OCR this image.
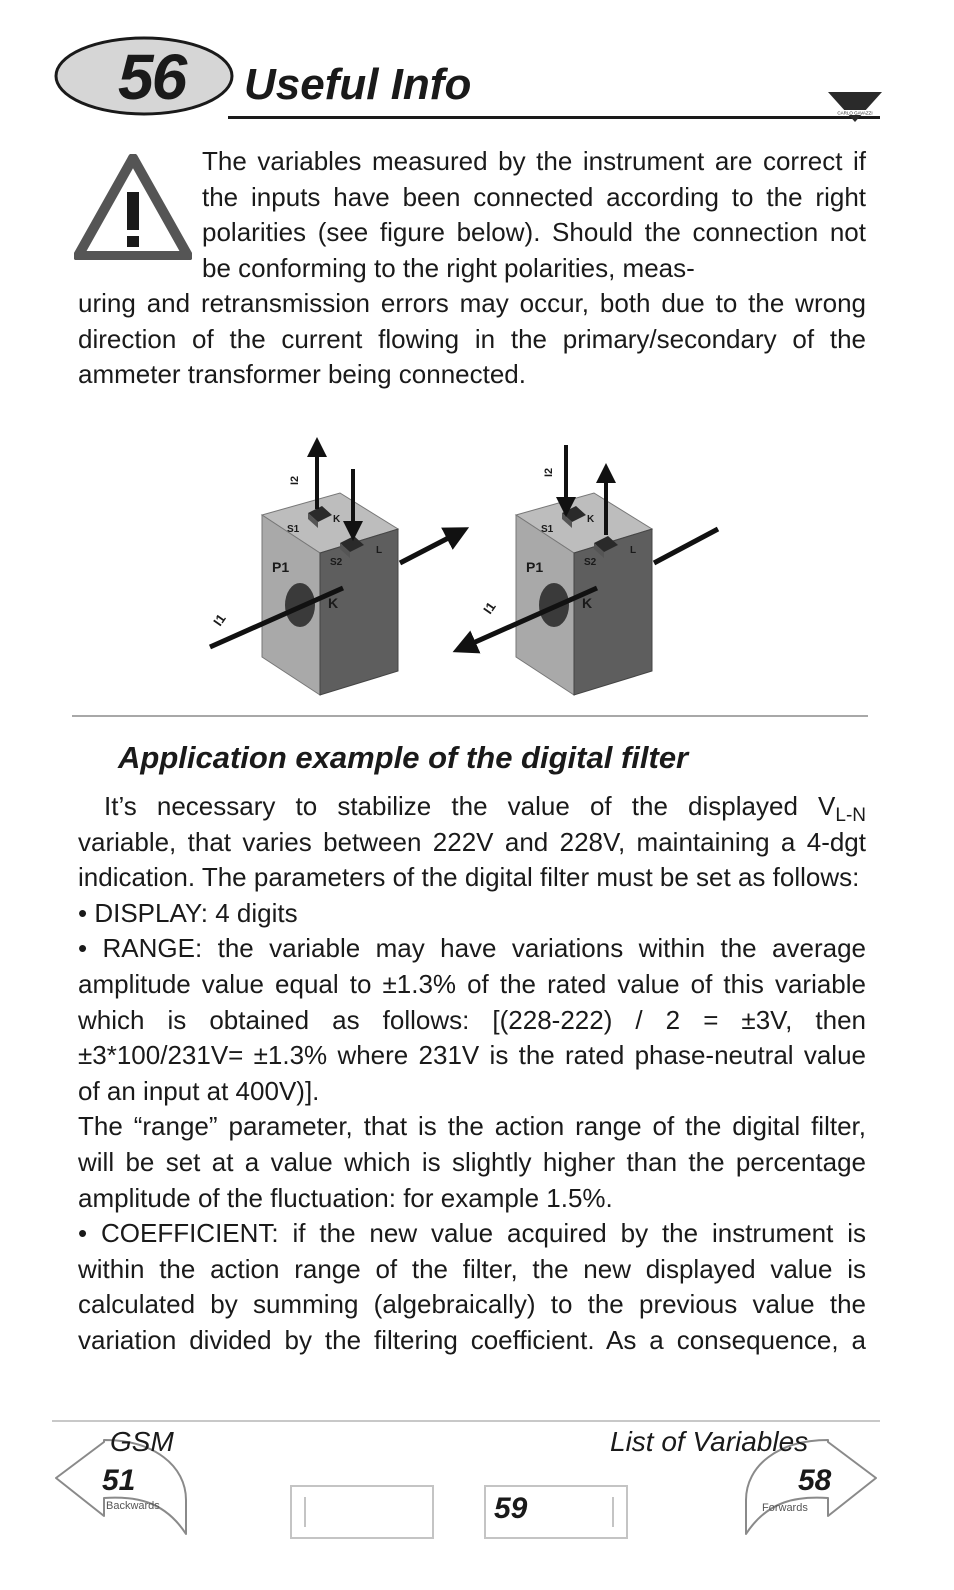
56	Useful Info
CARLO GAVAZZI

The variables measured by the instrument are correct if the inputs have been connected according to the right polarities (see figure below). Should the connection not be conforming to the right polarities, meas-

uring and retransmission errors may occur, both due to the wrong direction of the current flowing in the primary/secondary of the ammeter transformer being connected.

I2
S1
K
S2
L
P1
K
I1
I2
S1
K
S2
L
P1
K
I1
Application example of the digital filter

It’s necessary to stabilize the value of the displayed $V_{L-N}$

variable, that varies between 222V and 228V, maintaining a 4-dgt indication. The parameters of the digital filter must be set as follows:

• DISPLAY: 4 digits

• RANGE: the variable may have variations within the average amplitude value equal to ±1.3% of the rated value of this variable which is obtained as follows: [(228-222) / 2 = ±3V, then ±3*100/231V= ±1.3% where 231V is the rated phase-neutral value of an input at 400V)].

The “range” parameter, that is the action range of the digital filter, will be set at a value which is slightly higher than the percentage amplitude of the fluctuation: for example 1.5%.

• COEFFICIENT: if the new value acquired by the instrument is within the action range of the filter, the new displayed value is calculated by summing (algebraically) to the previous value the variation divided by the filtering coefficient. As a consequence, a

GSM
51
Backwards	59
List of Variables
58
Forwards
